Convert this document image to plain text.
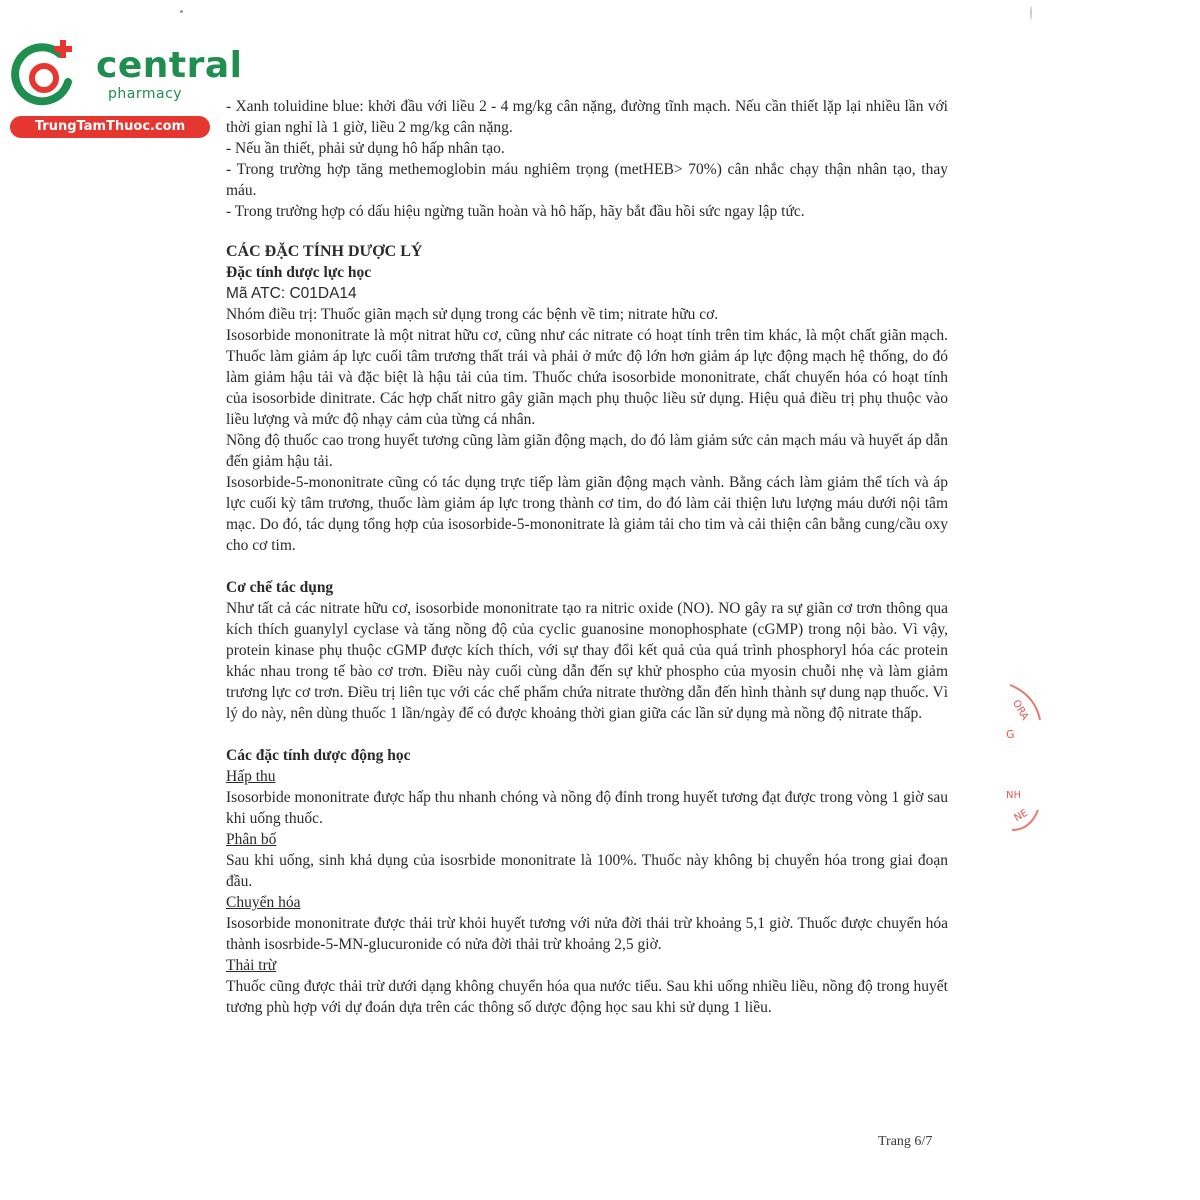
central
pharmacy
TrungTamThuoc.com

- Xanh toluidine blue: khởi đầu với liều 2 - 4 mg/kg cân nặng, đường tĩnh mạch. Nếu cần thiết lặp lại nhiều lần với thời gian nghỉ là 1 giờ, liều 2 mg/kg cân nặng.

- Nếu ần thiết, phải sử dụng hô hấp nhân tạo.

- Trong trường hợp tăng methemoglobin máu nghiêm trọng (metHEB> 70%) cân nhắc chạy thận nhân tạo, thay máu.

- Trong trường hợp có dấu hiệu ngừng tuần hoàn và hô hấp, hãy bắt đầu hồi sức ngay lập tức.

CÁC ĐẶC TÍNH DƯỢC LÝ

Đặc tính dược lực học

Mã ATC: C01DA14

Nhóm điều trị: Thuốc giãn mạch sử dụng trong các bệnh về tim; nitrate hữu cơ.

Isosorbide mononitrate là một nitrat hữu cơ, cũng như các nitrate có hoạt tính trên tim khác, là một chất giãn mạch. Thuốc làm giảm áp lực cuối tâm trương thất trái và phải ở mức độ lớn hơn giảm áp lực động mạch hệ thống, do đó làm giảm hậu tải và đặc biệt là hậu tải của tim. Thuốc chứa isosorbide mononitrate, chất chuyển hóa có hoạt tính của isosorbide dinitrate. Các hợp chất nitro gây giãn mạch phụ thuộc liều sử dụng. Hiệu quả điều trị phụ thuộc vào liều lượng và mức độ nhạy cảm của từng cá nhân.

Nồng độ thuốc cao trong huyết tương cũng làm giãn động mạch, do đó làm giảm sức cản mạch máu và huyết áp dẫn đến giảm hậu tải.

Isosorbide-5-mononitrate cũng có tác dụng trực tiếp làm giãn động mạch vành. Bằng cách làm giảm thể tích và áp lực cuối kỳ tâm trương, thuốc làm giảm áp lực trong thành cơ tim, do đó làm cải thiện lưu lượng máu dưới nội tâm mạc. Do đó, tác dụng tổng hợp của isosorbide-5-mononitrate là giảm tải cho tim và cải thiện cân bằng cung/cầu oxy cho cơ tim.

Cơ chế tác dụng

Như tất cả các nitrate hữu cơ, isosorbide mononitrate tạo ra nitric oxide (NO). NO gây ra sự giãn cơ trơn thông qua kích thích guanylyl cyclase và tăng nồng độ của cyclic guanosine monophosphate (cGMP) trong nội bào. Vì vậy, protein kinase phụ thuộc cGMP được kích thích, với sự thay đổi kết quả của quá trình phosphoryl hóa các protein khác nhau trong tế bào cơ trơn. Điều này cuối cùng dẫn đến sự khử phospho của myosin chuỗi nhẹ và làm giảm trương lực cơ trơn. Điều trị liên tục với các chế phẩm chứa nitrate thường dẫn đến hình thành sự dung nạp thuốc. Vì lý do này, nên dùng thuốc 1 lần/ngày để có được khoảng thời gian giữa các lần sử dụng mà nồng độ nitrate thấp.

Các đặc tính dược động học

Hấp thu

Isosorbide mononitrate được hấp thu nhanh chóng và nồng độ đỉnh trong huyết tương đạt được trong vòng 1 giờ sau khi uống thuốc.

Phân bố

Sau khi uống, sinh khả dụng của isosrbide mononitrate là 100%. Thuốc này không bị chuyển hóa trong giai đoạn đầu.

Chuyển hóa

Isosorbide mononitrate được thải trừ khỏi huyết tương với nửa đời thải trừ khoảng 5,1 giờ. Thuốc được chuyển hóa thành isosrbide-5-MN-glucuronide có nửa đời thải trừ khoảng 2,5 giờ.

Thải trừ

Thuốc cũng được thải trừ dưới dạng không chuyển hóa qua nước tiểu. Sau khi uống nhiều liều, nồng độ trong huyết tương phù hợp với dự đoán dựa trên các thông số dược động học sau khi sử dụng 1 liều.

ORA
G
NH
NE
Trang 6/7
